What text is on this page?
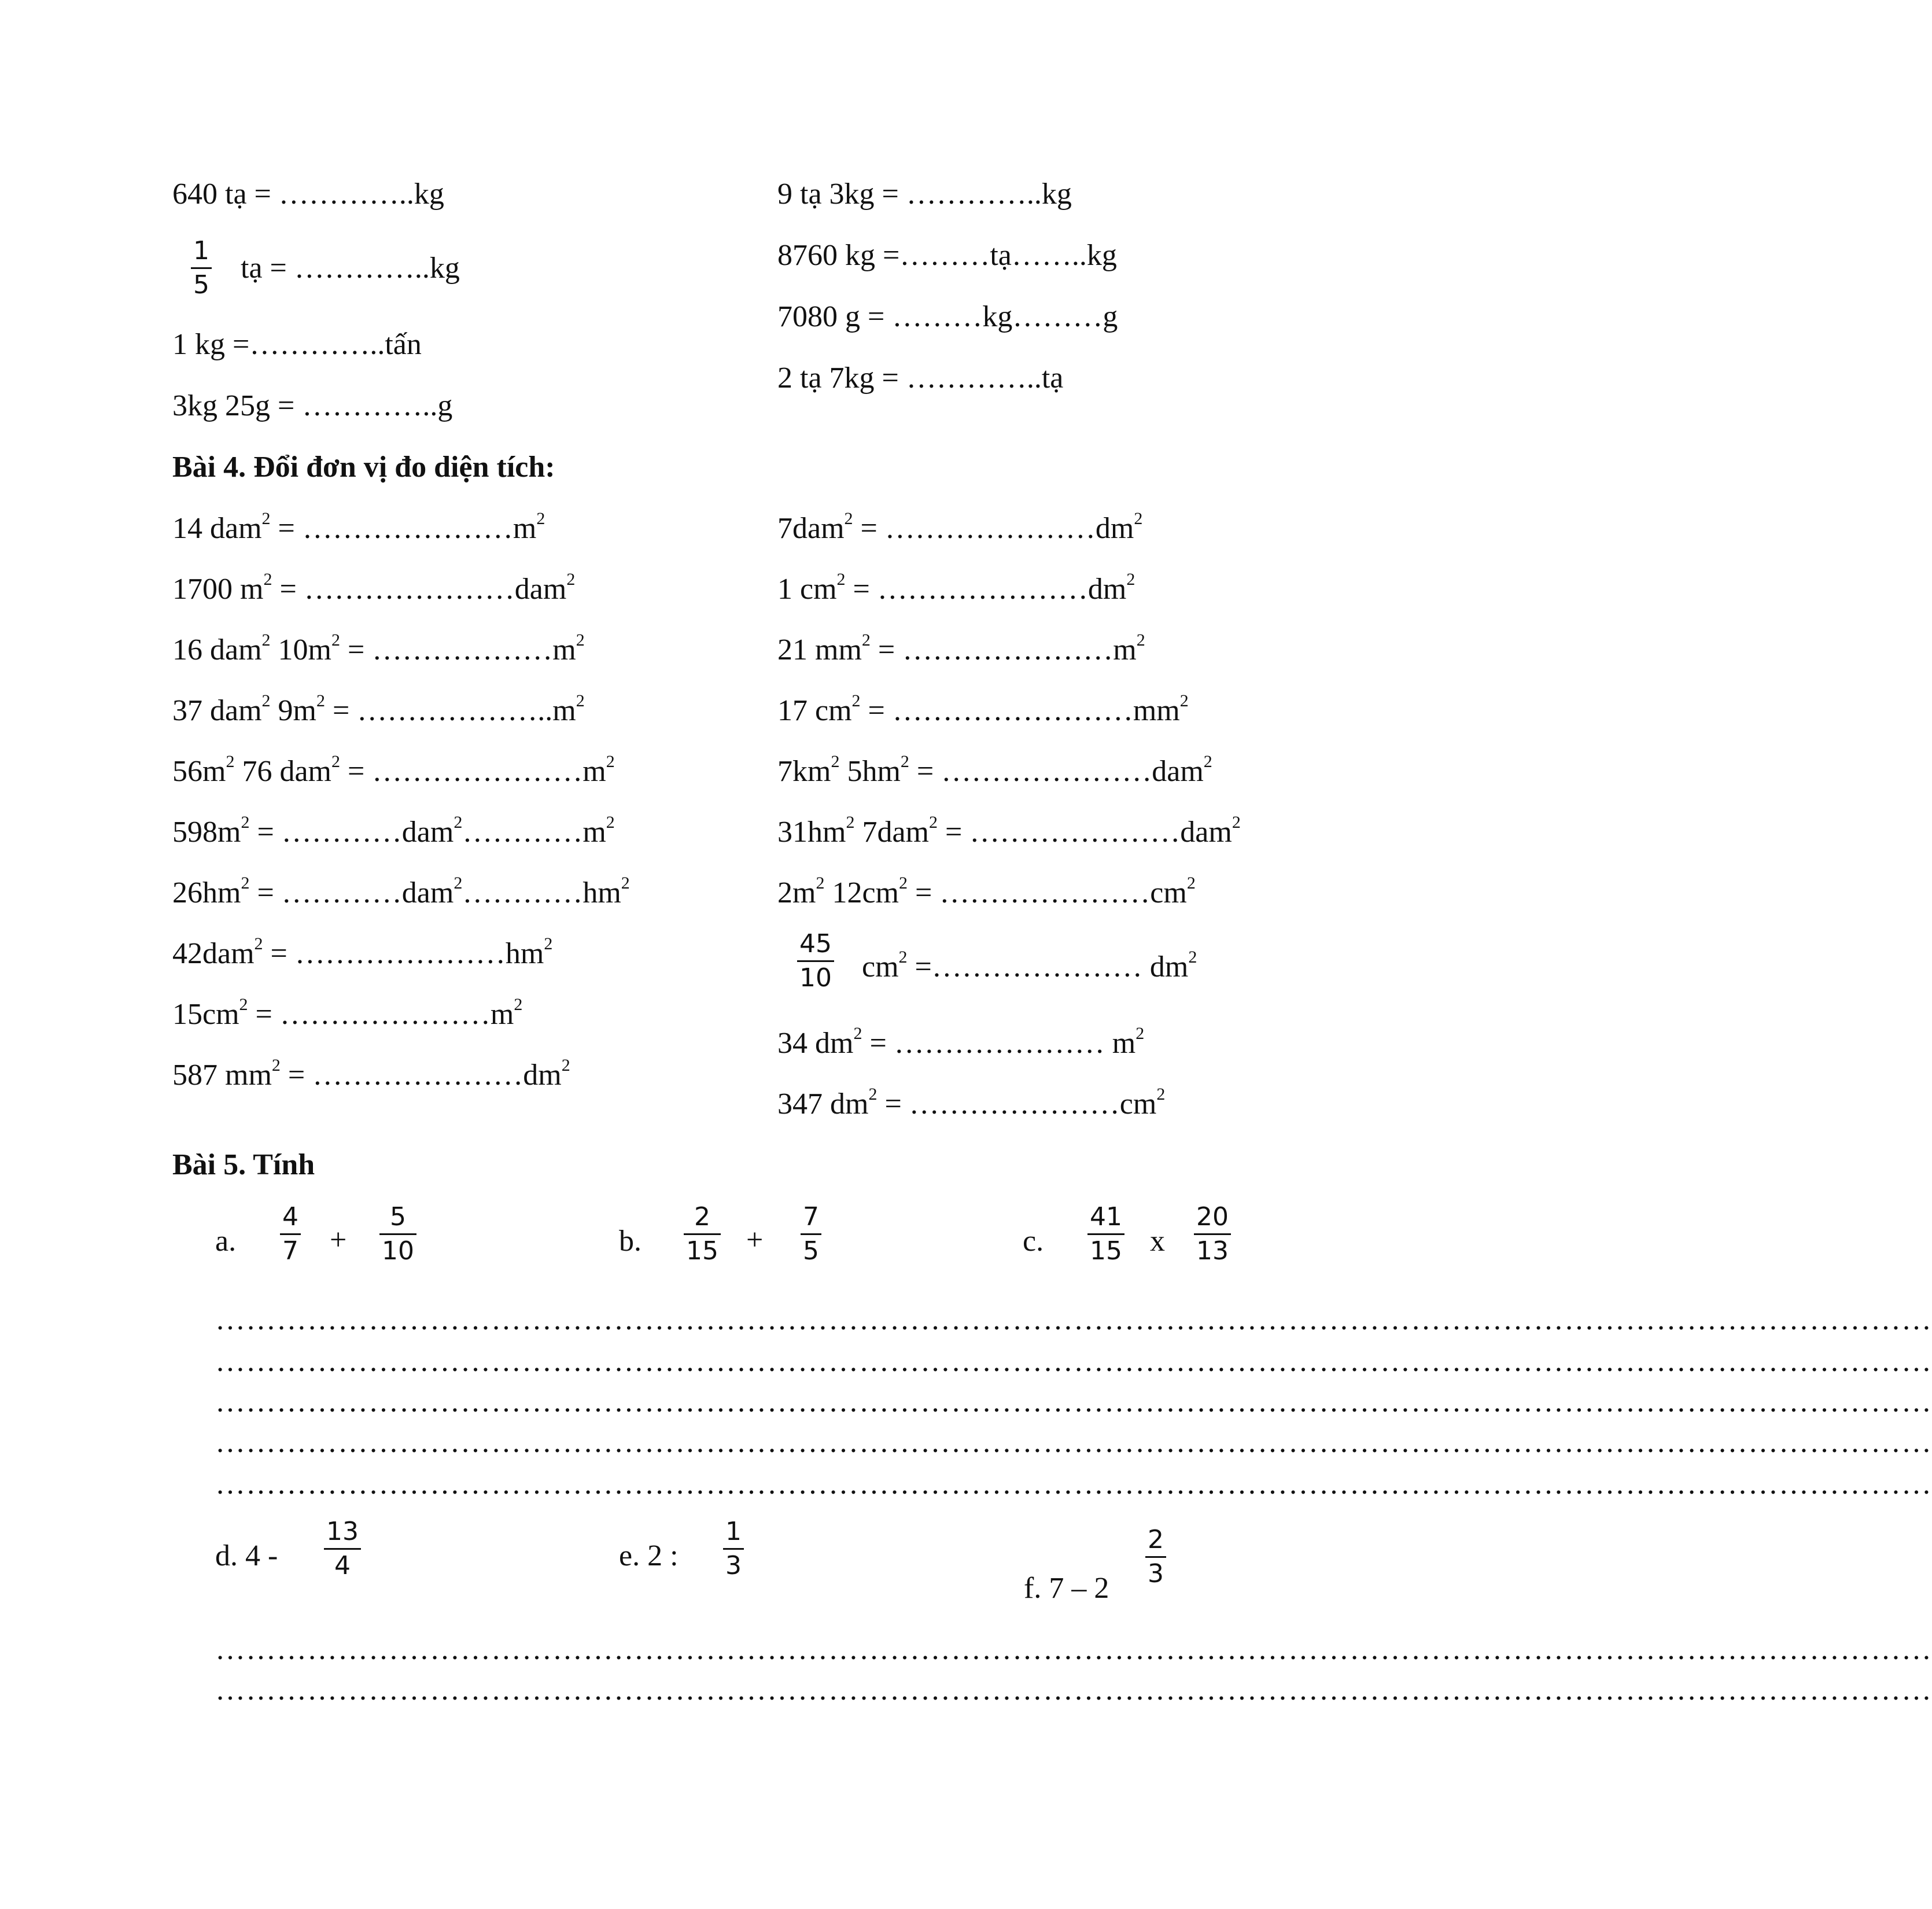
640 tạ = …………..kg
1
5
tạ = …………..kg
1 kg =…………..tấn
3kg 25g = …………..g
9 tạ 3kg = …………..kg
8760 kg =………tạ……..kg
7080 g = ………kg………g
2 tạ 7kg = …………..tạ
Bài 4. Đổi đơn vị đo diện tích:
14 $dam^2 = \dots\dots\dots\dots\dots\dots\dots m^2$
1700 $m^2$ = …………………dam$^2$
16 dam$^2$ $10m^2$ = $\dots\dots\dots\dots\dots\dots m^2$
37 dam$^2$ $9m^2$ = $\dots\dots\dots\dots\dots\dots..m^2$
$56m^2$ 76 $dam^2 = \dots\dots\dots\dots\dots\dots\dots m^2$
$598m^2$ = $\dots\dots\dots\dots dam^2\dots\dots\dots\dots m^2$
$26hm^2$ = $\dots\dots\dots\dots dam^2\dots\dots\dots\dots hm^2$
$42dam^2 = \dots\dots\dots\dots\dots\dots\dots hm^2$
$15cm^2$ = $\dots\dots\dots\dots\dots\dots\dots m^2$
587 $mm^2$ = $\dots\dots\dots\dots\dots\dots\dots dm^2$
$7dam^2 = \dots\dots\dots\dots\dots\dots\dots dm^2$
1 $cm^2$ = $\dots\dots\dots\dots\dots\dots\dots dm^2$
21 $mm^2$ = $\dots\dots\dots\dots\dots\dots\dots m^2$
17 $cm^2$ = $\dots\dots\dots\dots\dots\dots\dots\dots mm^2$
$7km^2$ $5hm^2$ = …………………dam$^2$
$31hm^2$ 7dam$^2$ = …………………dam$^2$
$2m^2$ $12cm^2$ = $\dots\dots\dots\dots\dots\dots\dots cm^2$
45
10 $cm^2$ =………………… $dm^2$
34 $dm^2$ = ………………… $m^2$
347 $dm^2$ = $\dots\dots\dots\dots\dots\dots\dots cm^2$
Bài 5. Tính
a.
4
7 +
5
10	b.
2
15 +
7
5	c.
41
15 x
20
13
……………………………………………………………………………………………………………………………………………………
……………………………………………………………………………………………………………………………………………………
……………………………………………………………………………………………………………………………………………………
……………………………………………………………………………………………………………………………………………………
……………………………………………………………………………………………………………………………………………………
d. 4 -
13
4	e. 2 :
1
3
f. 7 – 2
2
3
……………………………………………………………………………………………………………………………………………………
……………………………………………………………………………………………………………………………………………………
